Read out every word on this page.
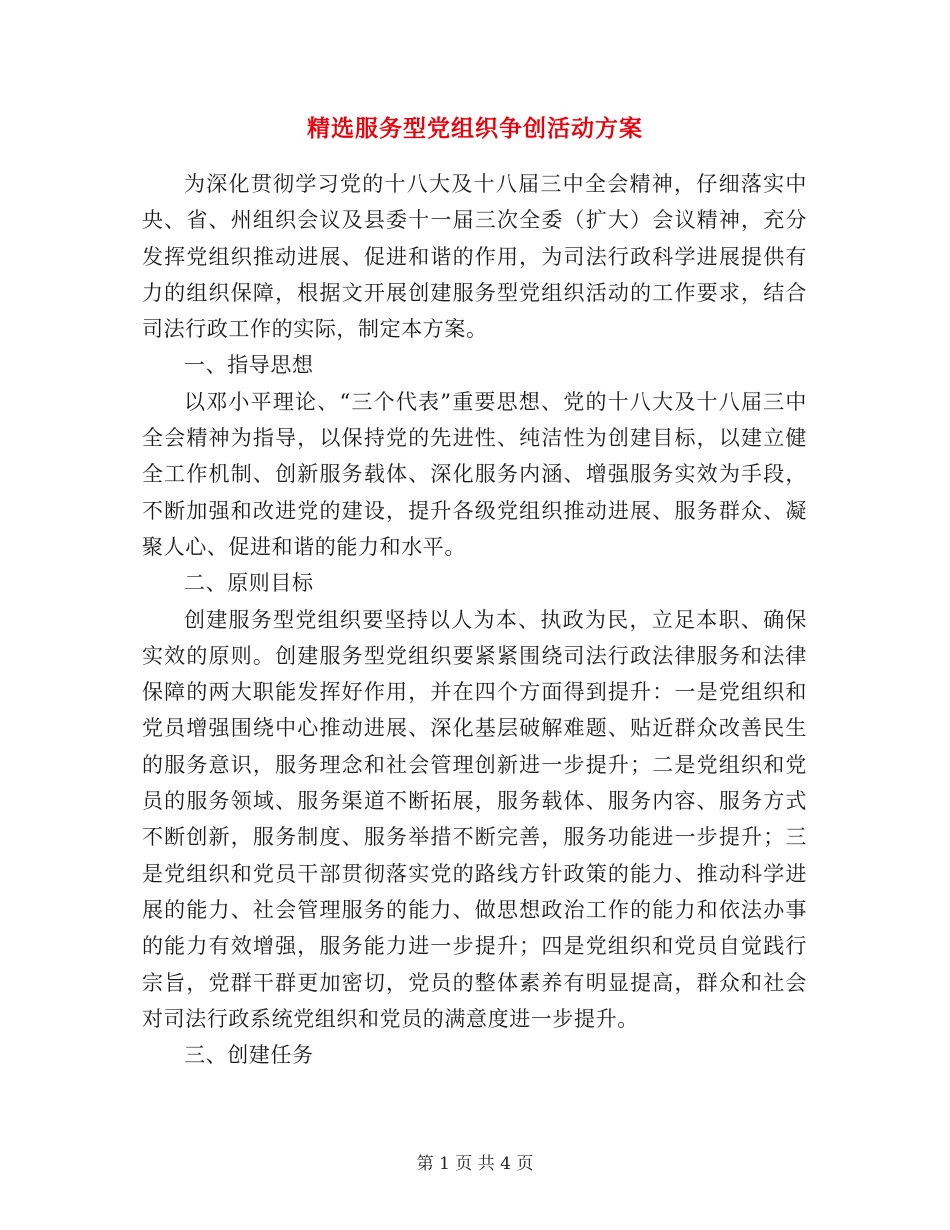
精选服务型党组织争创活动方案

为深化贯彻学习党的十八大及十八届三中全会精神，仔细落实中央、省、州组织会议及县委十一届三次全委（扩大）会议精神，充分发挥党组织推动进展、促进和谐的作用，为司法行政科学进展提供有力的组织保障，根据文开展创建服务型党组织活动的工作要求，结合司法行政工作的实际，制定本方案。

一、指导思想

以邓小平理论、“三个代表”重要思想、党的十八大及十八届三中全会精神为指导，以保持党的先进性、纯洁性为创建目标，以建立健全工作机制、创新服务载体、深化服务内涵、增强服务实效为手段，不断加强和改进党的建设，提升各级党组织推动进展、服务群众、凝聚人心、促进和谐的能力和水平。

二、原则目标

创建服务型党组织要坚持以人为本、执政为民，立足本职、确保实效的原则。创建服务型党组织要紧紧围绕司法行政法律服务和法律保障的两大职能发挥好作用，并在四个方面得到提升：一是党组织和党员增强围绕中心推动进展、深化基层破解难题、贴近群众改善民生的服务意识，服务理念和社会管理创新进一步提升；二是党组织和党员的服务领域、服务渠道不断拓展，服务载体、服务内容、服务方式不断创新，服务制度、服务举措不断完善，服务功能进一步提升；三是党组织和党员干部贯彻落实党的路线方针政策的能力、推动科学进展的能力、社会管理服务的能力、做思想政治工作的能力和依法办事的能力有效增强，服务能力进一步提升；四是党组织和党员自觉践行宗旨，党群干群更加密切，党员的整体素养有明显提高，群众和社会对司法行政系统党组织和党员的满意度进一步提升。

三、创建任务

第 1 页 共 4 页
